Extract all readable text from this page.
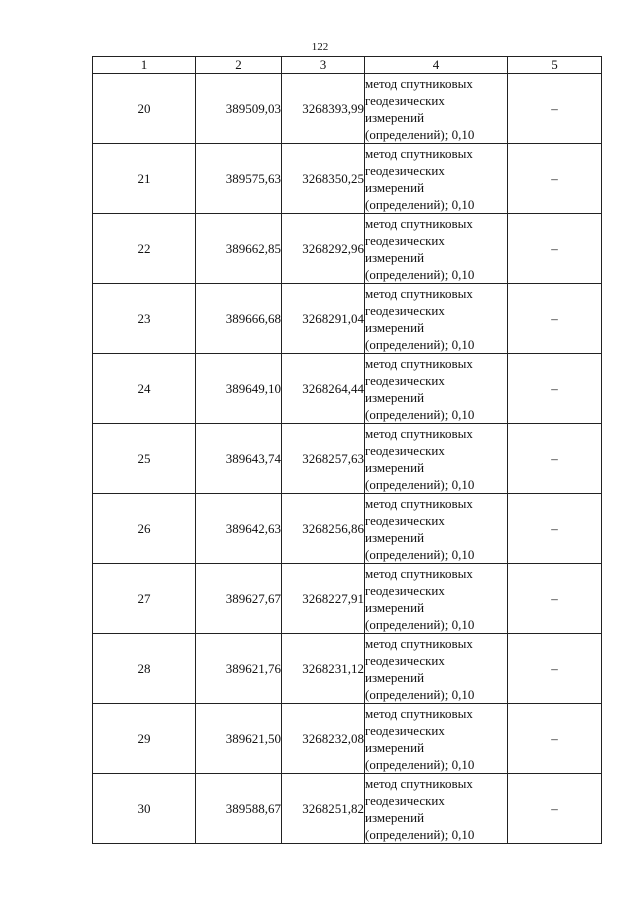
122
1	2	3	4	5
20	389509,03	3268393,99	метод спутниковых
геодезических
измерений
(определений); 0,10	–
21	389575,63	3268350,25	метод спутниковых
геодезических
измерений
(определений); 0,10	–
22	389662,85	3268292,96	метод спутниковых
геодезических
измерений
(определений); 0,10	–
23	389666,68	3268291,04	метод спутниковых
геодезических
измерений
(определений); 0,10	–
24	389649,10	3268264,44	метод спутниковых
геодезических
измерений
(определений); 0,10	–
25	389643,74	3268257,63	метод спутниковых
геодезических
измерений
(определений); 0,10	–
26	389642,63	3268256,86	метод спутниковых
геодезических
измерений
(определений); 0,10	–
27	389627,67	3268227,91	метод спутниковых
геодезических
измерений
(определений); 0,10	–
28	389621,76	3268231,12	метод спутниковых
геодезических
измерений
(определений); 0,10	–
29	389621,50	3268232,08	метод спутниковых
геодезических
измерений
(определений); 0,10	–
30	389588,67	3268251,82	метод спутниковых
геодезических
измерений
(определений); 0,10	–
